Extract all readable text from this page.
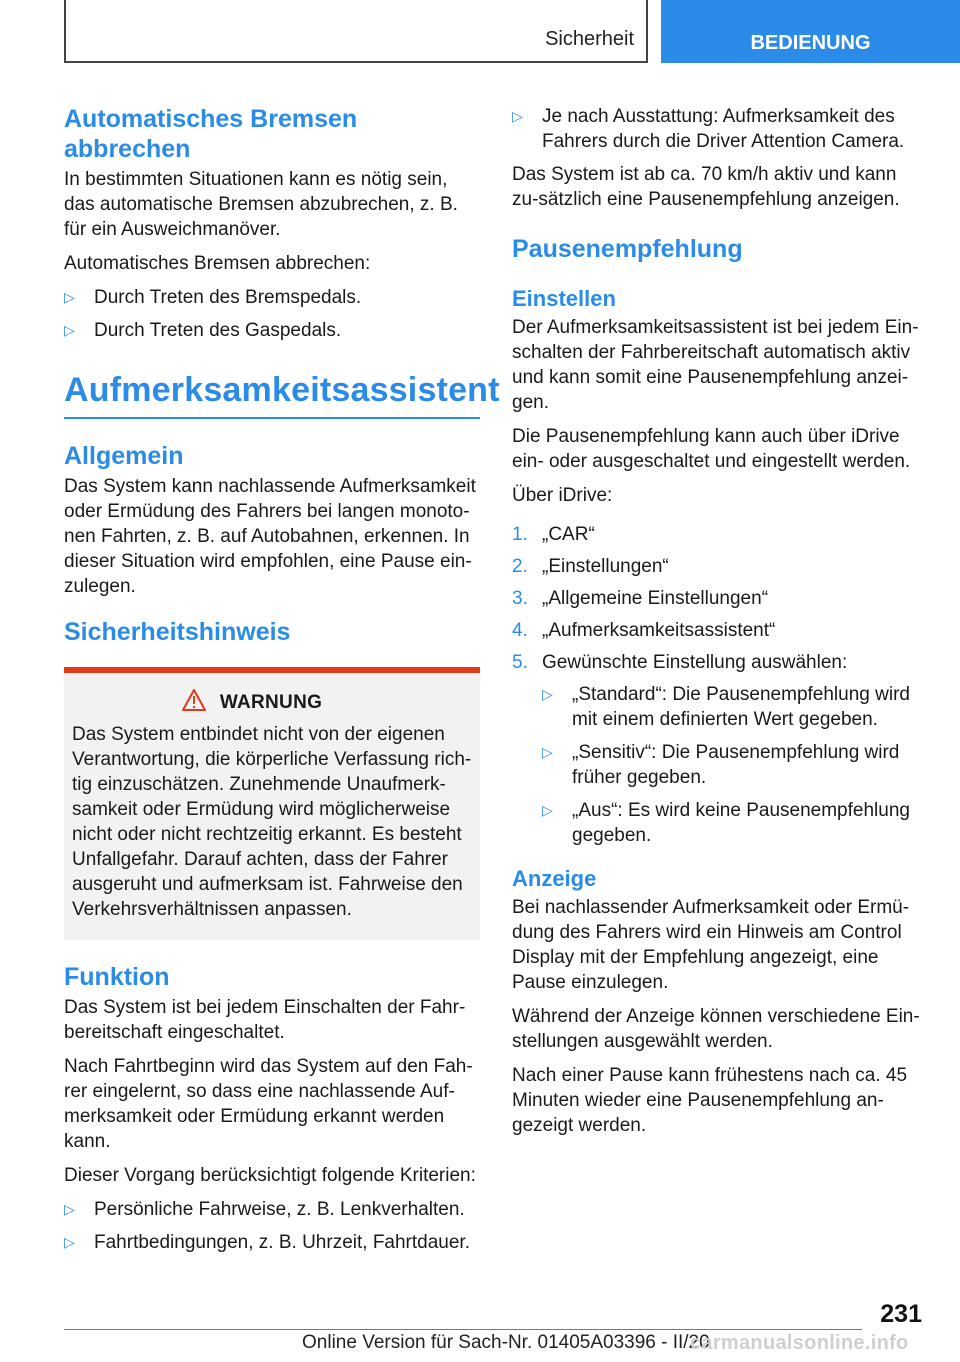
Sicherheit	BEDIENUNG
Automatisches Bremsen abbrechen

In bestimmten Situationen kann es nötig sein, das automatische Bremsen abzubrechen, z. B. für ein Ausweichmanöver.

Automatisches Bremsen abbrechen:

▷ Durch Treten des Bremspedals.
▷ Durch Treten des Gaspedals.
Aufmerksamkeitsassistent
Allgemein

Das System kann nachlassende Aufmerksamkeit oder Ermüdung des Fahrers bei langen monoto-nen Fahrten, z. B. auf Autobahnen, erkennen. In dieser Situation wird empfohlen, eine Pause ein-zulegen.

Sicherheitshinweis
WARNUNG

Das System entbindet nicht von der eigenen Verantwortung, die körperliche Verfassung rich-tig einzuschätzen. Zunehmende Unaufmerk-samkeit oder Ermüdung wird möglicherweise nicht oder nicht rechtzeitig erkannt. Es besteht Unfallgefahr. Darauf achten, dass der Fahrer ausgeruht und aufmerksam ist. Fahrweise den Verkehrsverhältnissen anpassen.

Funktion

Das System ist bei jedem Einschalten der Fahr-bereitschaft eingeschaltet.

Nach Fahrtbeginn wird das System auf den Fah-rer eingelernt, so dass eine nachlassende Auf-merksamkeit oder Ermüdung erkannt werden kann.

Dieser Vorgang berücksichtigt folgende Kriterien:

▷ Persönliche Fahrweise, z. B. Lenkverhalten.
▷ Fahrtbedingungen, z. B. Uhrzeit, Fahrtdauer.
▷ Je nach Ausstattung: Aufmerksamkeit des Fahrers durch die Driver Attention Camera.

Das System ist ab ca. 70 km/h aktiv und kann zu-sätzlich eine Pausenempfehlung anzeigen.

Pausenempfehlung
Einstellen

Der Aufmerksamkeitsassistent ist bei jedem Ein-schalten der Fahrbereitschaft automatisch aktiv und kann somit eine Pausenempfehlung anzei-gen.

Die Pausenempfehlung kann auch über iDrive ein- oder ausgeschaltet und eingestellt werden.

Über iDrive:

1. „CAR“
2. „Einstellungen“
3. „Allgemeine Einstellungen“
4. „Aufmerksamkeitsassistent“
5. Gewünschte Einstellung auswählen:
▷ „Standard“: Die Pausenempfehlung wird mit einem definierten Wert gegeben.
▷ „Sensitiv“: Die Pausenempfehlung wird früher gegeben.
▷ „Aus“: Es wird keine Pausenempfehlung gegeben.
Anzeige

Bei nachlassender Aufmerksamkeit oder Ermü-dung des Fahrers wird ein Hinweis am Control Display mit der Empfehlung angezeigt, eine Pause einzulegen.

Während der Anzeige können verschiedene Ein-stellungen ausgewählt werden.

Nach einer Pause kann frühestens nach ca. 45 Minuten wieder eine Pausenempfehlung an-gezeigt werden.

231
Online Version für Sach-Nr. 01405A03396 - II/20
carmanualsonline.info
